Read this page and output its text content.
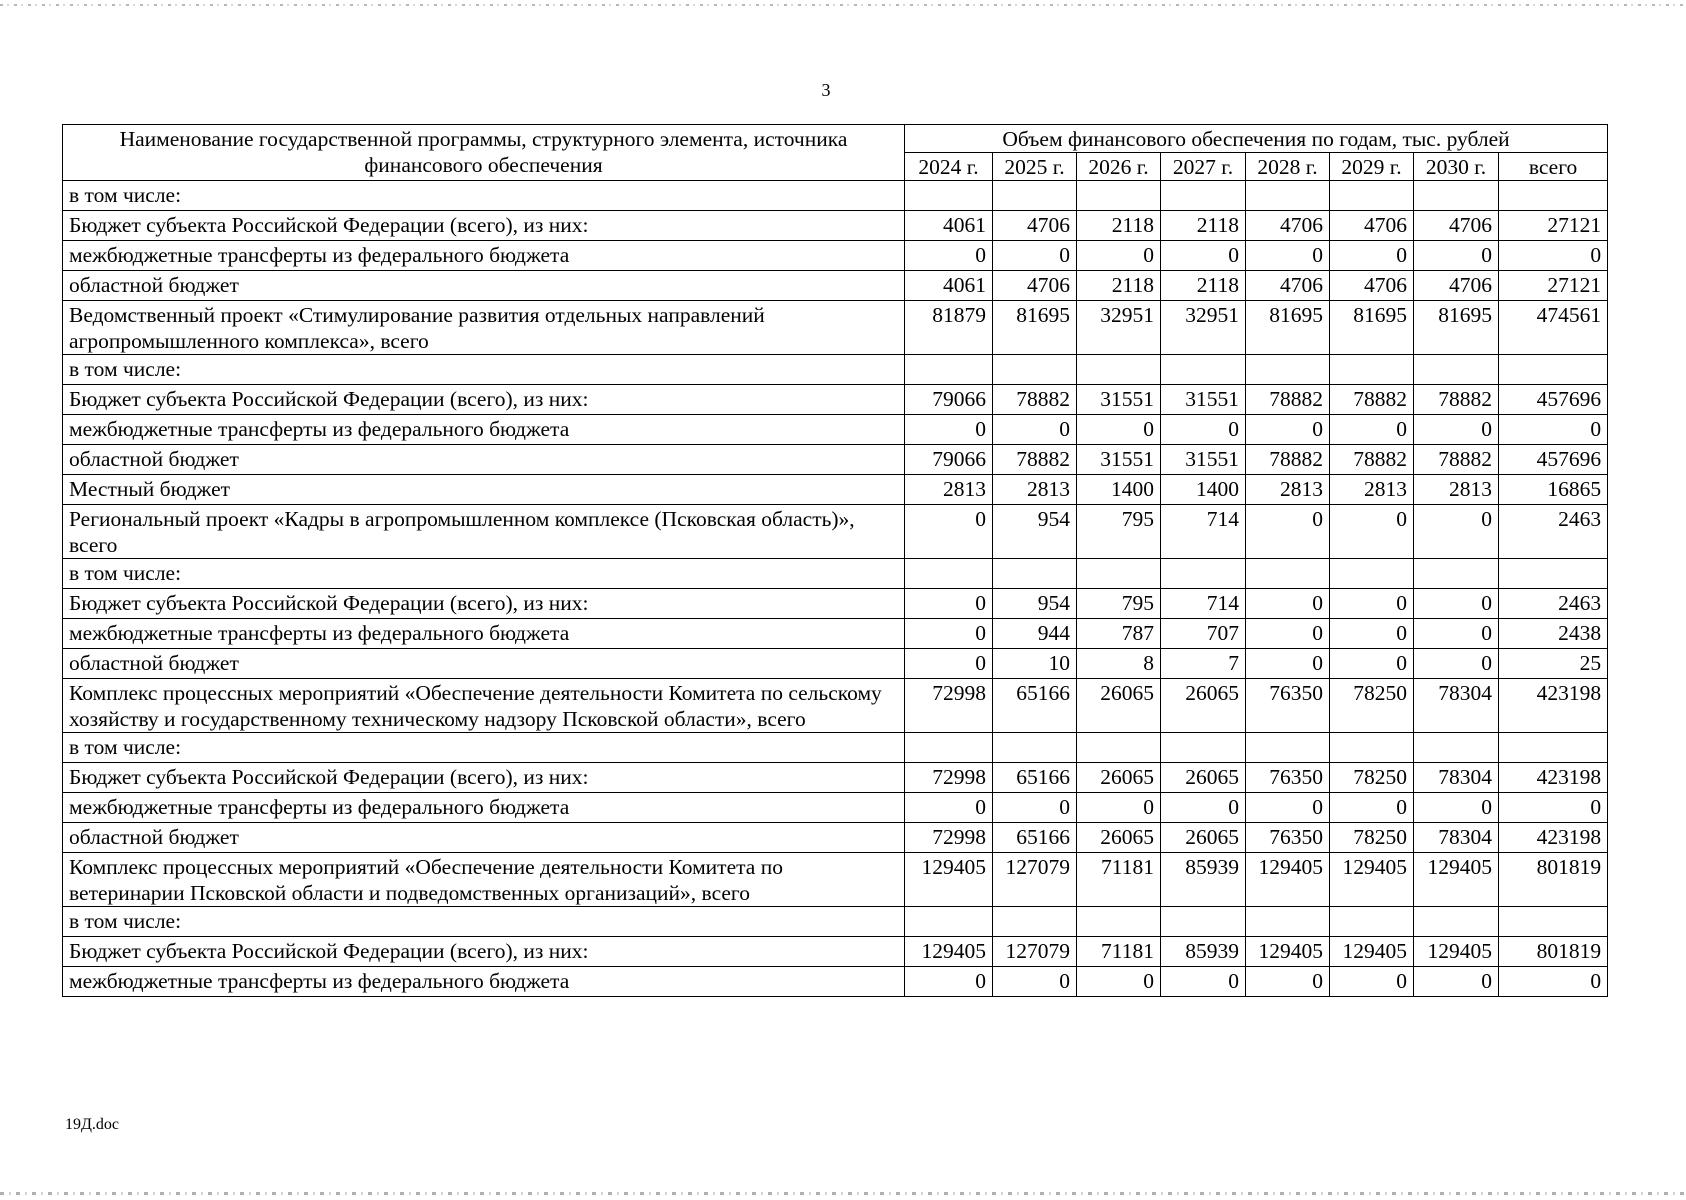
3
Наименование государственной программы, структурного элемента, источника финансового обеспечения	Объем финансового обеспечения по годам, тыс. рублей							
	2024 г.	2025 г.	2026 г.	2027 г.	2028 г.	2029 г.	2030 г.	всего
в том числе:								
Бюджет субъекта Российской Федерации (всего), из них:	4061	4706	2118	2118	4706	4706	4706	27121
межбюджетные трансферты из федерального бюджета	0	0	0	0	0	0	0	0
областной бюджет	4061	4706	2118	2118	4706	4706	4706	27121
Ведомственный проект «Стимулирование развития отдельных направлений агропромышленного комплекса», всего	81879	81695	32951	32951	81695	81695	81695	474561
в том числе:								
Бюджет субъекта Российской Федерации (всего), из них:	79066	78882	31551	31551	78882	78882	78882	457696
межбюджетные трансферты из федерального бюджета	0	0	0	0	0	0	0	0
областной бюджет	79066	78882	31551	31551	78882	78882	78882	457696
Местный бюджет	2813	2813	1400	1400	2813	2813	2813	16865
Региональный проект «Кадры в агропромышленном комплексе (Псковская область)», всего	0	954	795	714	0	0	0	2463
в том числе:								
Бюджет субъекта Российской Федерации (всего), из них:	0	954	795	714	0	0	0	2463
межбюджетные трансферты из федерального бюджета	0	944	787	707	0	0	0	2438
областной бюджет	0	10	8	7	0	0	0	25
Комплекс процессных мероприятий «Обеспечение деятельности Комитета по сельскому хозяйству и государственному техническому надзору Псковской области», всего	72998	65166	26065	26065	76350	78250	78304	423198
в том числе:								
Бюджет субъекта Российской Федерации (всего), из них:	72998	65166	26065	26065	76350	78250	78304	423198
межбюджетные трансферты из федерального бюджета	0	0	0	0	0	0	0	0
областной бюджет	72998	65166	26065	26065	76350	78250	78304	423198
Комплекс процессных мероприятий «Обеспечение деятельности Комитета по ветеринарии Псковской области и подведомственных организаций», всего	129405	127079	71181	85939	129405	129405	129405	801819
в том числе:								
Бюджет субъекта Российской Федерации (всего), из них:	129405	127079	71181	85939	129405	129405	129405	801819
межбюджетные трансферты из федерального бюджета	0	0	0	0	0	0	0	0
19Д.doc
